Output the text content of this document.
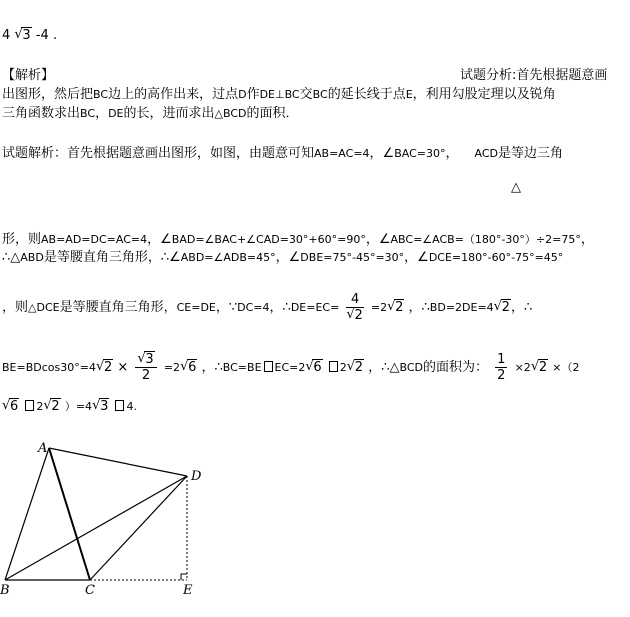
4 √ 3 -4 .
【解析】	试题分析:首先根据题意画
出图形，然后把BC边上的高作出来，过点D作DE⊥BC交BC的延长线于点E，利用勾股定理以及锐角
三角函数求出BC，DE的长，进而求出△BCD的面积．
试题解析：首先根据题意画出图形，如图，由题意可知AB=AC=4，∠BAC=30°， ACD是等边三角
△
形，则AB=AD=DC=AC=4，∠BAD=∠BAC+∠CAD=30°+60°=90°，∠ABC=∠ACB=（180°-30°）÷2=75°，
∴△ABD是等腰直角三角形，∴∠ABD=∠ADB=45°，∠DBE=75°-45°=30°，∠DCE=180°-60°-75°=45°
，则△DCE是等腰直角三角形，CE=DE，∵DC=4，∴DE=EC= 4
√ 2 =2√ 2 ，∴BD=2DE=4√ 2，∴
BE=BDcos30°=4√ 2 ×
√ $\frac{3}{2} =2√$ 6 ，∴BC=BE EC=2√ 6 2√ 2 ，∴△BCD的面积为： $\frac{1}{2} \times 2√$ 2 ×（2
√ 6 2√ 2 ）=4√ 3 4.
A
B	C
D
E
